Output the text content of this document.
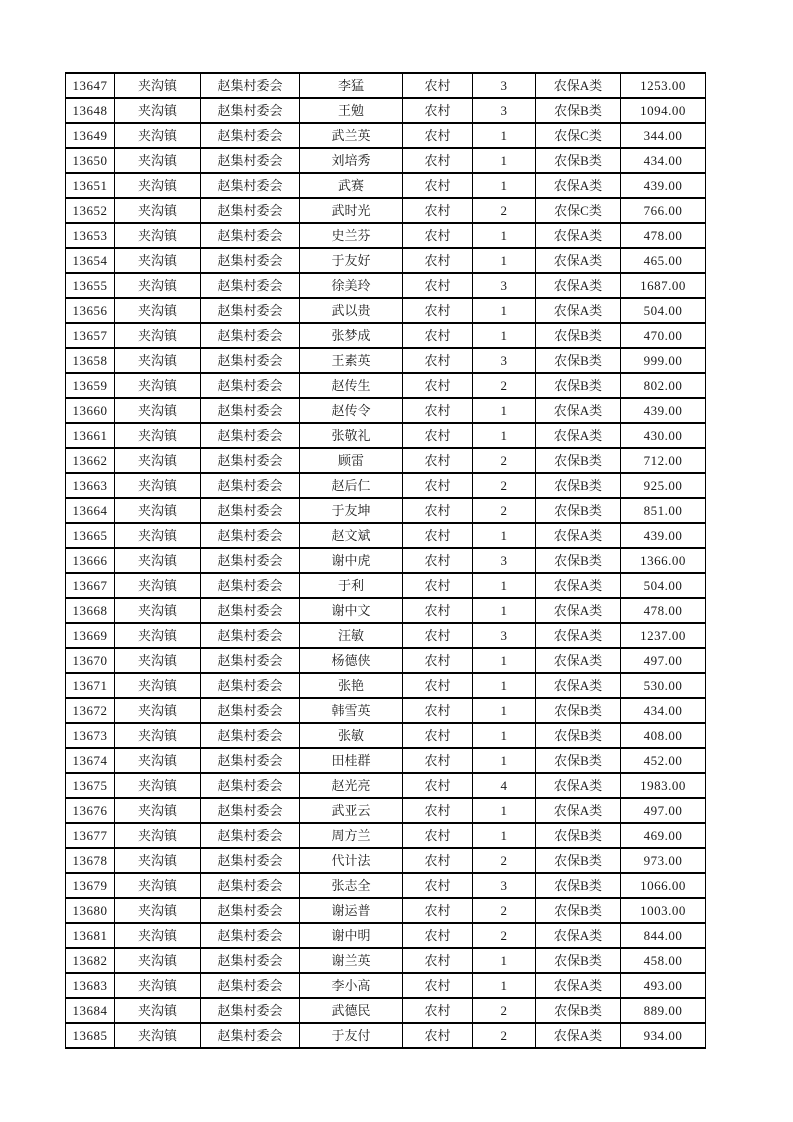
13647	夹沟镇	赵集村委会	李猛	农村	3	农保A类	1253.00
13648	夹沟镇	赵集村委会	王勉	农村	3	农保B类	1094.00
13649	夹沟镇	赵集村委会	武兰英	农村	1	农保C类	344.00
13650	夹沟镇	赵集村委会	刘培秀	农村	1	农保B类	434.00
13651	夹沟镇	赵集村委会	武赛	农村	1	农保A类	439.00
13652	夹沟镇	赵集村委会	武时光	农村	2	农保C类	766.00
13653	夹沟镇	赵集村委会	史兰芬	农村	1	农保A类	478.00
13654	夹沟镇	赵集村委会	于友好	农村	1	农保A类	465.00
13655	夹沟镇	赵集村委会	徐美玲	农村	3	农保A类	1687.00
13656	夹沟镇	赵集村委会	武以贵	农村	1	农保A类	504.00
13657	夹沟镇	赵集村委会	张梦成	农村	1	农保B类	470.00
13658	夹沟镇	赵集村委会	王素英	农村	3	农保B类	999.00
13659	夹沟镇	赵集村委会	赵传生	农村	2	农保B类	802.00
13660	夹沟镇	赵集村委会	赵传令	农村	1	农保A类	439.00
13661	夹沟镇	赵集村委会	张敬礼	农村	1	农保A类	430.00
13662	夹沟镇	赵集村委会	顾雷	农村	2	农保B类	712.00
13663	夹沟镇	赵集村委会	赵后仁	农村	2	农保B类	925.00
13664	夹沟镇	赵集村委会	于友坤	农村	2	农保B类	851.00
13665	夹沟镇	赵集村委会	赵文斌	农村	1	农保A类	439.00
13666	夹沟镇	赵集村委会	谢中虎	农村	3	农保B类	1366.00
13667	夹沟镇	赵集村委会	于利	农村	1	农保A类	504.00
13668	夹沟镇	赵集村委会	谢中文	农村	1	农保A类	478.00
13669	夹沟镇	赵集村委会	汪敏	农村	3	农保A类	1237.00
13670	夹沟镇	赵集村委会	杨德侠	农村	1	农保A类	497.00
13671	夹沟镇	赵集村委会	张艳	农村	1	农保A类	530.00
13672	夹沟镇	赵集村委会	韩雪英	农村	1	农保B类	434.00
13673	夹沟镇	赵集村委会	张敏	农村	1	农保B类	408.00
13674	夹沟镇	赵集村委会	田桂群	农村	1	农保B类	452.00
13675	夹沟镇	赵集村委会	赵光亮	农村	4	农保A类	1983.00
13676	夹沟镇	赵集村委会	武亚云	农村	1	农保A类	497.00
13677	夹沟镇	赵集村委会	周方兰	农村	1	农保B类	469.00
13678	夹沟镇	赵集村委会	代计法	农村	2	农保B类	973.00
13679	夹沟镇	赵集村委会	张志全	农村	3	农保B类	1066.00
13680	夹沟镇	赵集村委会	谢运普	农村	2	农保B类	1003.00
13681	夹沟镇	赵集村委会	谢中明	农村	2	农保A类	844.00
13682	夹沟镇	赵集村委会	谢兰英	农村	1	农保B类	458.00
13683	夹沟镇	赵集村委会	李小高	农村	1	农保A类	493.00
13684	夹沟镇	赵集村委会	武德民	农村	2	农保B类	889.00
13685	夹沟镇	赵集村委会	于友付	农村	2	农保A类	934.00
